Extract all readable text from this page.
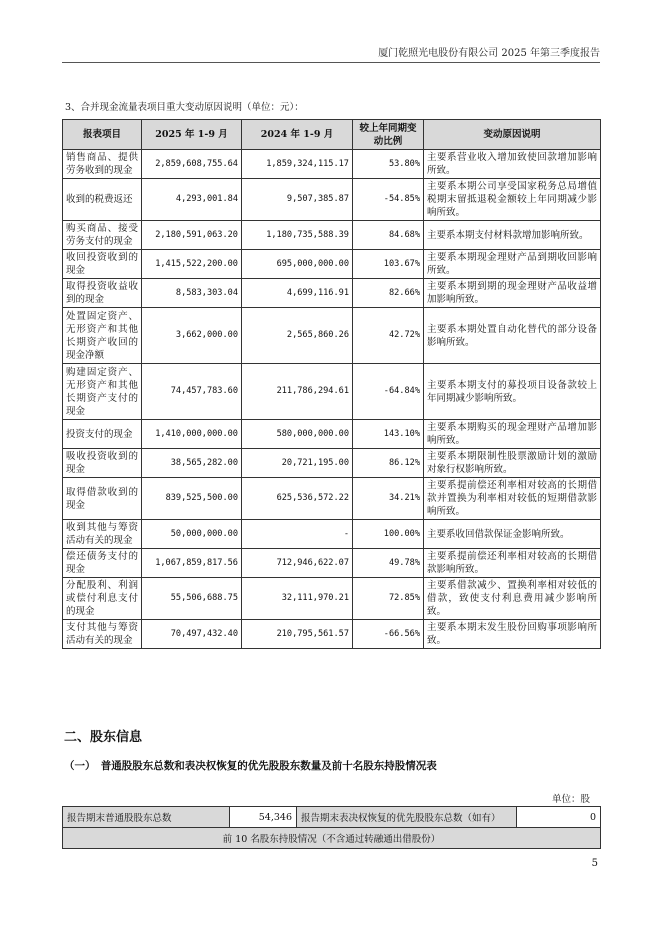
厦门乾照光电股份有限公司 2025 年第三季度报告
3、合并现金流量表项目重大变动原因说明（单位：元）：
报表项目	2025 年 1-9 月	2024 年 1-9 月	较上年同期变动比例	变动原因说明
销售商品、提供劳务收到的现金	2,859,608,755.64	1,859,324,115.17	53.80%	主要系营业收入增加致使回款增加影响所致。
收到的税费返还	4,293,001.84	9,507,385.87	-54.85%	主要系本期公司享受国家税务总局增值税期末留抵退税金额较上年同期减少影响所致。
购买商品、接受劳务支付的现金	2,180,591,063.20	1,180,735,588.39	84.68%	主要系本期支付材料款增加影响所致。
收回投资收到的现金	1,415,522,200.00	695,000,000.00	103.67%	主要系本期现金理财产品到期收回影响所致。
取得投资收益收到的现金	8,583,303.04	4,699,116.91	82.66%	主要系本期到期的现金理财产品收益增加影响所致。
处置固定资产、无形资产和其他长期资产收回的现金净额	3,662,000.00	2,565,860.26	42.72%	主要系本期处置自动化替代的部分设备影响所致。
购建固定资产、无形资产和其他长期资产支付的现金	74,457,783.60	211,786,294.61	-64.84%	主要系本期支付的募投项目设备款较上年同期减少影响所致。
投资支付的现金	1,410,000,000.00	580,000,000.00	143.10%	主要系本期购买的现金理财产品增加影响所致。
吸收投资收到的现金	38,565,282.00	20,721,195.00	86.12%	主要系本期限制性股票激励计划的激励对象行权影响所致。
取得借款收到的现金	839,525,500.00	625,536,572.22	34.21%	主要系提前偿还利率相对较高的长期借款并置换为利率相对较低的短期借款影响所致。
收到其他与筹资活动有关的现金	50,000,000.00	-	100.00%	主要系收回借款保证金影响所致。
偿还债务支付的现金	1,067,859,817.56	712,946,622.07	49.78%	主要系提前偿还利率相对较高的长期借款影响所致。
分配股利、利润或偿付利息支付的现金	55,506,688.75	32,111,970.21	72.85%	主要系借款减少、置换利率相对较低的借款，致使支付利息费用减少影响所致。
支付其他与筹资活动有关的现金	70,497,432.40	210,795,561.57	-66.56%	主要系本期末发生股份回购事项影响所致。
二、股东信息
（一）　普通股股东总数和表决权恢复的优先股股东数量及前十名股东持股情况表
单位：股
报告期末普通股股东总数	54,346	报告期末表决权恢复的优先股股东总数（如有）	0
前 10 名股东持股情况（不含通过转融通出借股份）
5
